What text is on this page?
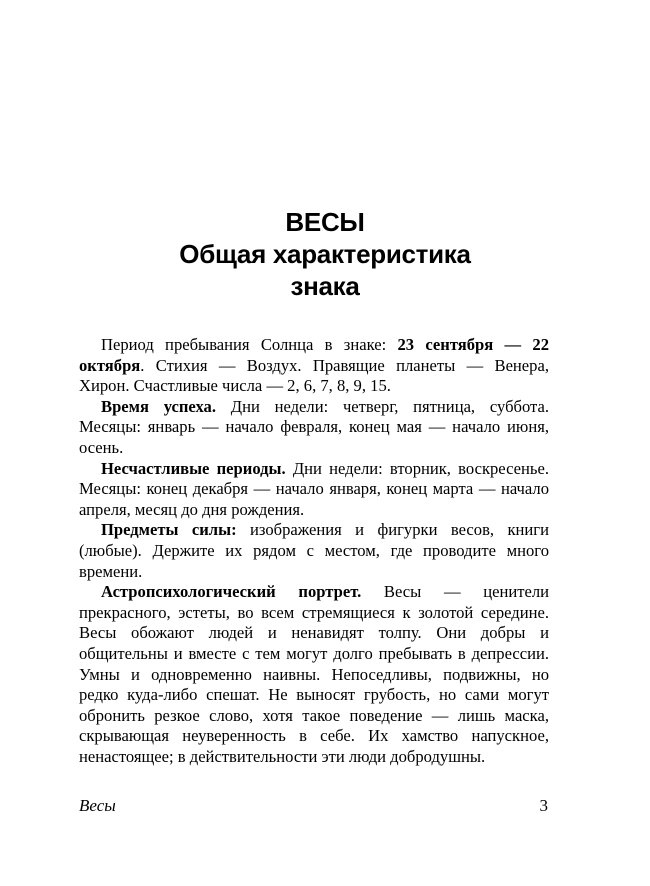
ВЕСЫ
Общая характеристика
знака

Период пребывания Солнца в знаке: 23 сентября — 22 октября. Стихия — Воздух. Правящие планеты — Венера, Хирон. Счастливые числа — 2, 6, 7, 8, 9, 15.

Время успеха. Дни недели: четверг, пятница, суббота. Месяцы: январь — начало февраля, конец мая — начало июня, осень.

Несчастливые периоды. Дни недели: вторник, воскресенье. Месяцы: конец декабря — начало января, конец марта — начало апреля, месяц до дня рождения.

Предметы силы: изображения и фигурки весов, книги (любые). Держите их рядом с местом, где проводите много времени.

Астропсихологический портрет. Весы — ценители прекрасного, эстеты, во всем стремящиеся к золотой середине. Весы обожают людей и ненавидят толпу. Они добры и общительны и вместе с тем могут долго пребывать в депрессии. Умны и одновременно наивны. Непоседливы, подвижны, но редко куда-либо спешат. Не выносят грубость, но сами могут обронить резкое слово, хотя такое поведение — лишь маска, скрывающая неуверенность в себе. Их хамство напускное, ненастоящее; в действительности эти люди добродушны.

Весы	3
